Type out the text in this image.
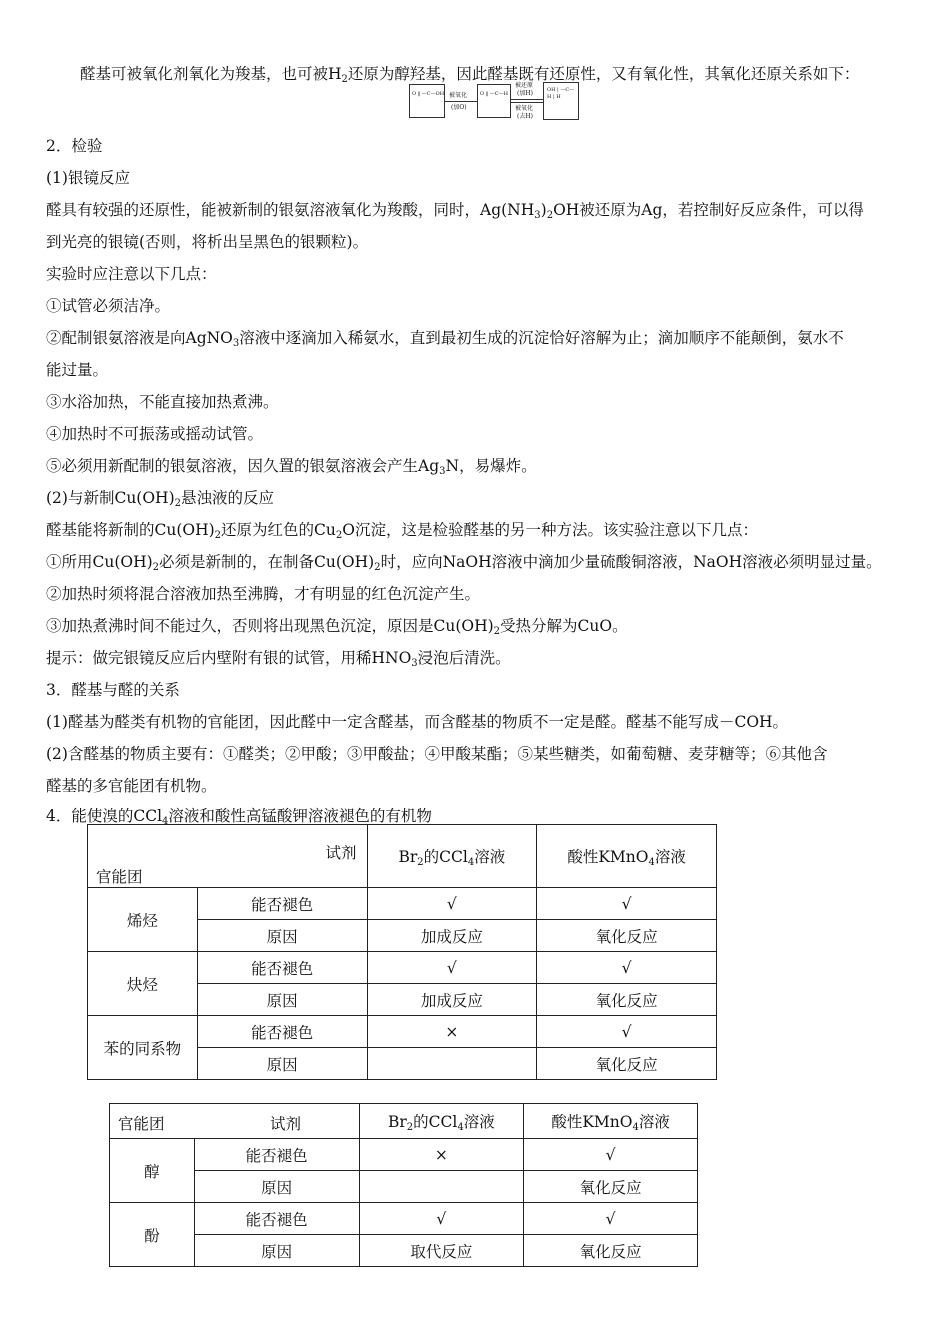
醛基可被氧化剂氧化为羧基，也可被$H_2$还原为醇羟基，因此醛基既有还原性，又有氧化性，其氧化还原关系如下：
O ‖ —C—OH 被氧化
(加O)
O ‖ —C—H
被还原
(加H)
被氧化
(去H)
OH | —C—H | H
2．检验
(1)银镜反应
醛具有较强的还原性，能被新制的银氨溶液氧化为羧酸，同时，$Ag(NH_3)_2OH$被还原为Ag，若控制好反应条件，可以得
到光亮的银镜(否则，将析出呈黑色的银颗粒)。
实验时应注意以下几点：
①试管必须洁净。
②配制银氨溶液是向AgNO$_3$溶液中逐滴加入稀氨水，直到最初生成的沉淀恰好溶解为止；滴加顺序不能颠倒，氨水不
能过量。
③水浴加热，不能直接加热煮沸。
④加热时不可振荡或摇动试管。
⑤必须用新配制的银氨溶液，因久置的银氨溶液会产生$Ag_3N$，易爆炸。
(2)与新制$Cu(OH)_2$悬浊液的反应
醛基能将新制的$Cu(OH)_2$还原为红色的$Cu_2O$沉淀，这是检验醛基的另一种方法。该实验注意以下几点：
①所用$Cu(OH)_2$必须是新制的，在制备$Cu(OH)_2$时，应向NaOH溶液中滴加少量硫酸铜溶液，NaOH溶液必须明显过量。
②加热时须将混合溶液加热至沸腾，才有明显的红色沉淀产生。
③加热煮沸时间不能过久，否则将出现黑色沉淀，原因是$Cu(OH)_2$受热分解为CuO。
提示：做完银镜反应后内壁附有银的试管，用稀$HNO_3$浸泡后清洗。
3．醛基与醛的关系
(1)醛基为醛类有机物的官能团，因此醛中一定含醛基，而含醛基的物质不一定是醛。醛基不能写成－COH。
(2)含醛基的物质主要有：①醛类；②甲酸；③甲酸盐；④甲酸某酯；⑤某些糖类，如葡萄糖、麦芽糖等；⑥其他含
醛基的多官能团有机物。
4．能使溴的CCl$_4$溶液和酸性高锰酸钾溶液褪色的有机物
试剂
官能团		$Br_2$的CCl$_4$溶液	酸性KMnO$_4$溶液
烯烃	能否褪色	√	√
	原因	加成反应	氧化反应
炔烃	能否褪色	√	√
	原因	加成反应	氧化反应
苯的同系物	能否褪色	×	√
	原因		氧化反应
官能团 试剂		$Br_2$的CCl$_4$溶液	酸性KMnO$_4$溶液
醇	能否褪色	×	√
	原因		氧化反应
酚	能否褪色	√	√
	原因	取代反应	氧化反应
